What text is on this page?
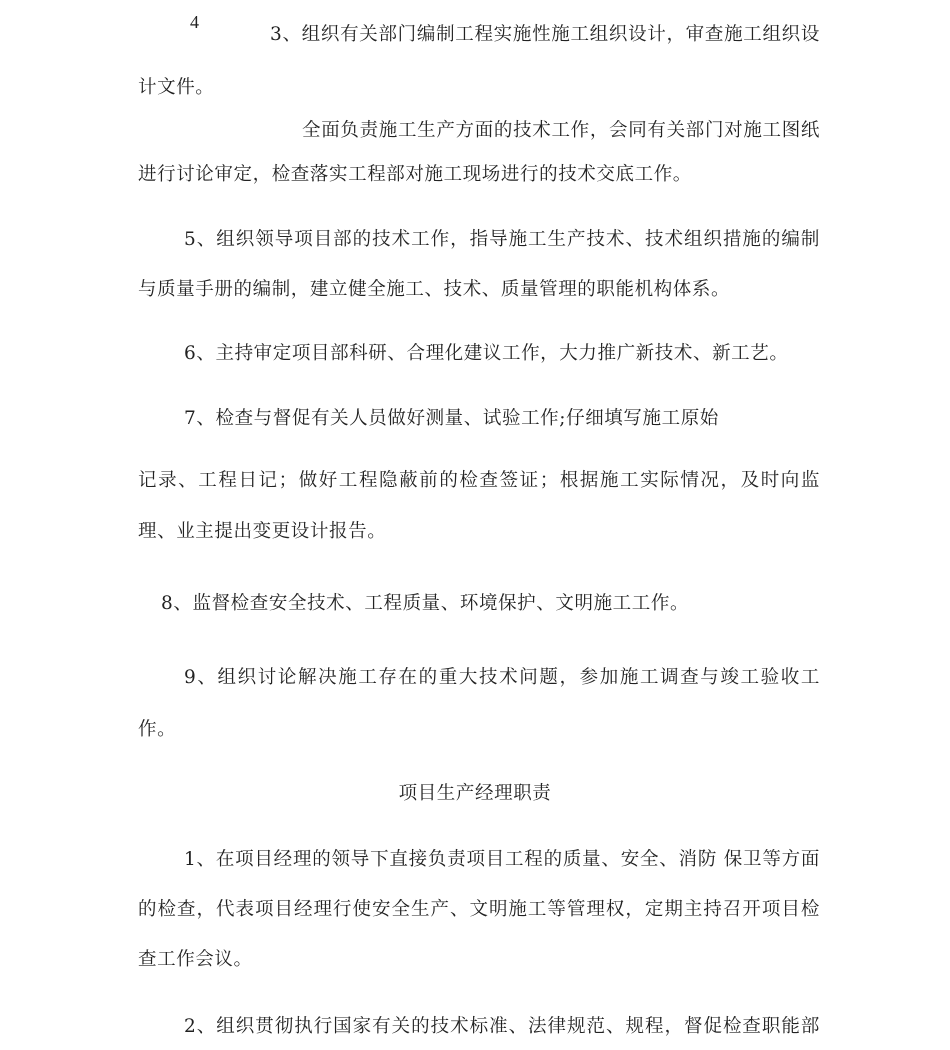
4
3、组织有关部门编制工程实施性施工组织设计，审查施工组织设
计文件。
全面负责施工生产方面的技术工作，会同有关部门对施工图纸
进行讨论审定，检查落实工程部对施工现场进行的技术交底工作。
5、组织领导项目部的技术工作，指导施工生产技术、技术组织措施的编制
与质量手册的编制，建立健全施工、技术、质量管理的职能机构体系。
6、主持审定项目部科研、合理化建议工作，大力推广新技术、新工艺。
7、检查与督促有关人员做好测量、试验工作;仔细填写施工原始
记录、工程日记；做好工程隐蔽前的检查签证；根据施工实际情况，及时向监
理、业主提出变更设计报告。
8、监督检查安全技术、工程质量、环境保护、文明施工工作。
9、组织讨论解决施工存在的重大技术问题，参加施工调查与竣工验收工
作。
项目生产经理职责
1、在项目经理的领导下直接负责项目工程的质量、安全、消防 保卫等方面
的检查，代表项目经理行使安全生产、文明施工等管理权，定期主持召开项目检
查工作会议。
2、组织贯彻执行国家有关的技术标准、法律规范、规程，督促检查职能部
